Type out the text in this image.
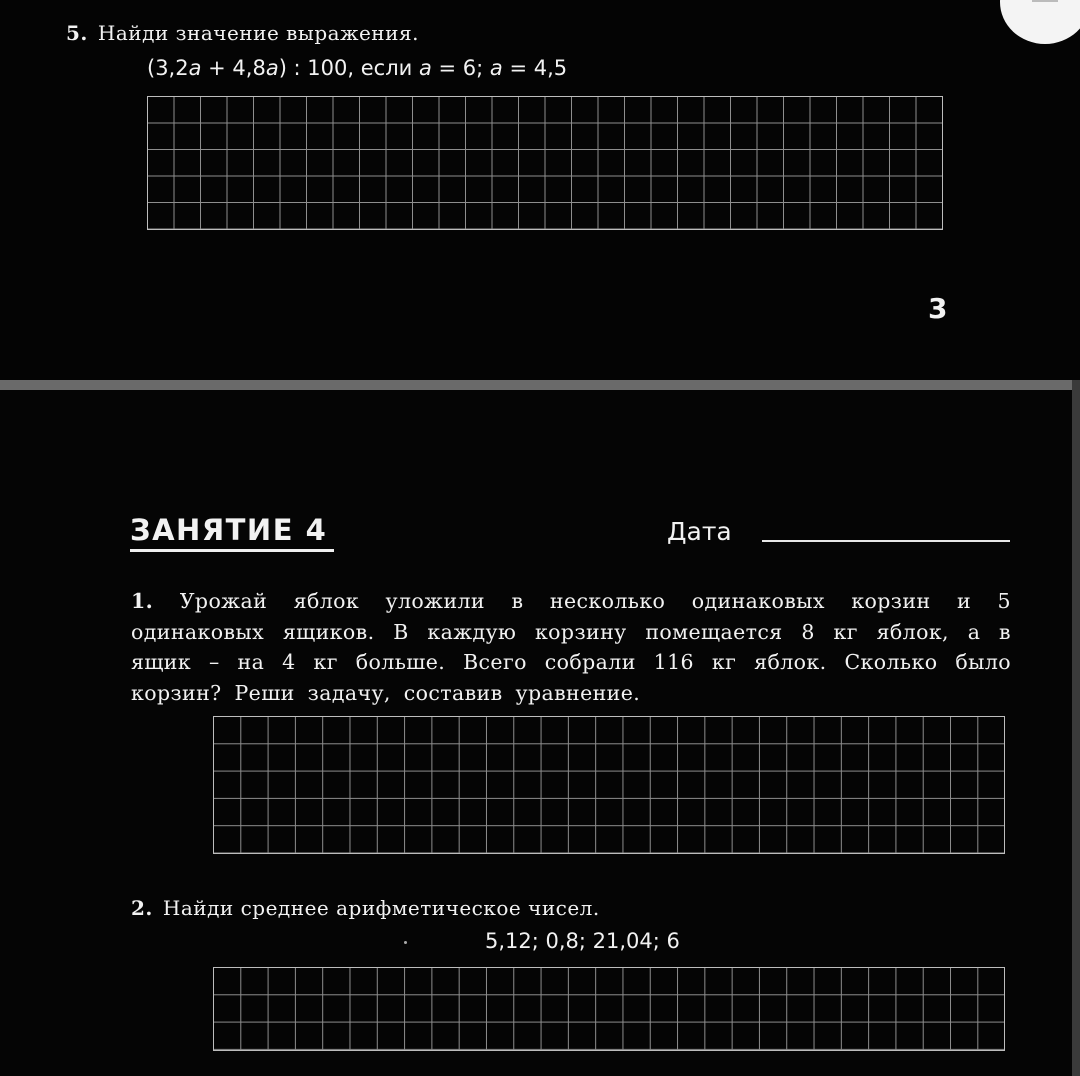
5. Найди значение выражения.
(3,2a + 4,8a) : 100, если a = 6; a = 4,5
3
ЗАНЯТИЕ 4	Дата
1. Урожай яблок уложили в несколько одинаковых корзин и 5 одинаковых ящиков. В каждую корзину помещается 8 кг яблок, а в ящик – на 4 кг больше. Всего собрали 116 кг яблок. Сколько было корзин? Реши задачу, составив уравнение.
2. Найди среднее арифметическое чисел.
5,12; 0,8; 21,04; 6
